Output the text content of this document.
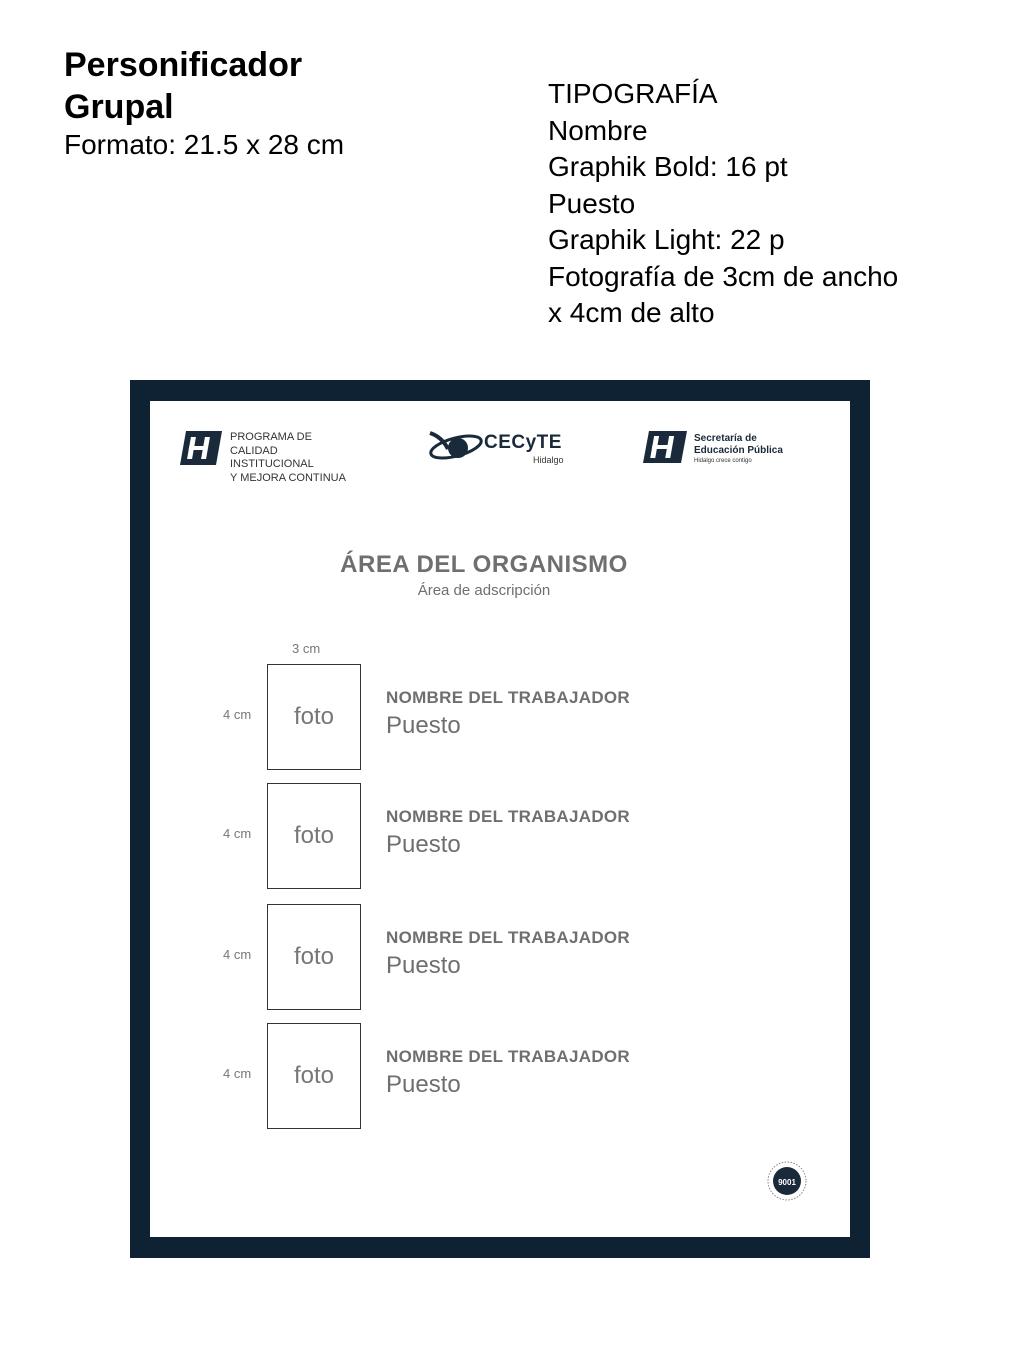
Personificador
Grupal
Formato: 21.5 x 28 cm
TIPOGRAFÍA
Nombre
Graphik Bold: 16 pt
Puesto
Graphik Light: 22 p
Fotografía de 3cm de ancho
x 4cm de alto
PROGRAMA DE
CALIDAD
INSTITUCIONAL
Y MEJORA CONTINUA
CECyTE
Hidalgo
Secretaría de
Educación Pública
Hidalgo crece contigo
ÁREA DEL ORGANISMO
Área de adscripción
3 cm
4 cm	foto
NOMBRE DEL TRABAJADOR
Puesto
4 cm	foto
NOMBRE DEL TRABAJADOR
Puesto
4 cm	foto
NOMBRE DEL TRABAJADOR
Puesto
4 cm	foto
NOMBRE DEL TRABAJADOR
Puesto
9001
